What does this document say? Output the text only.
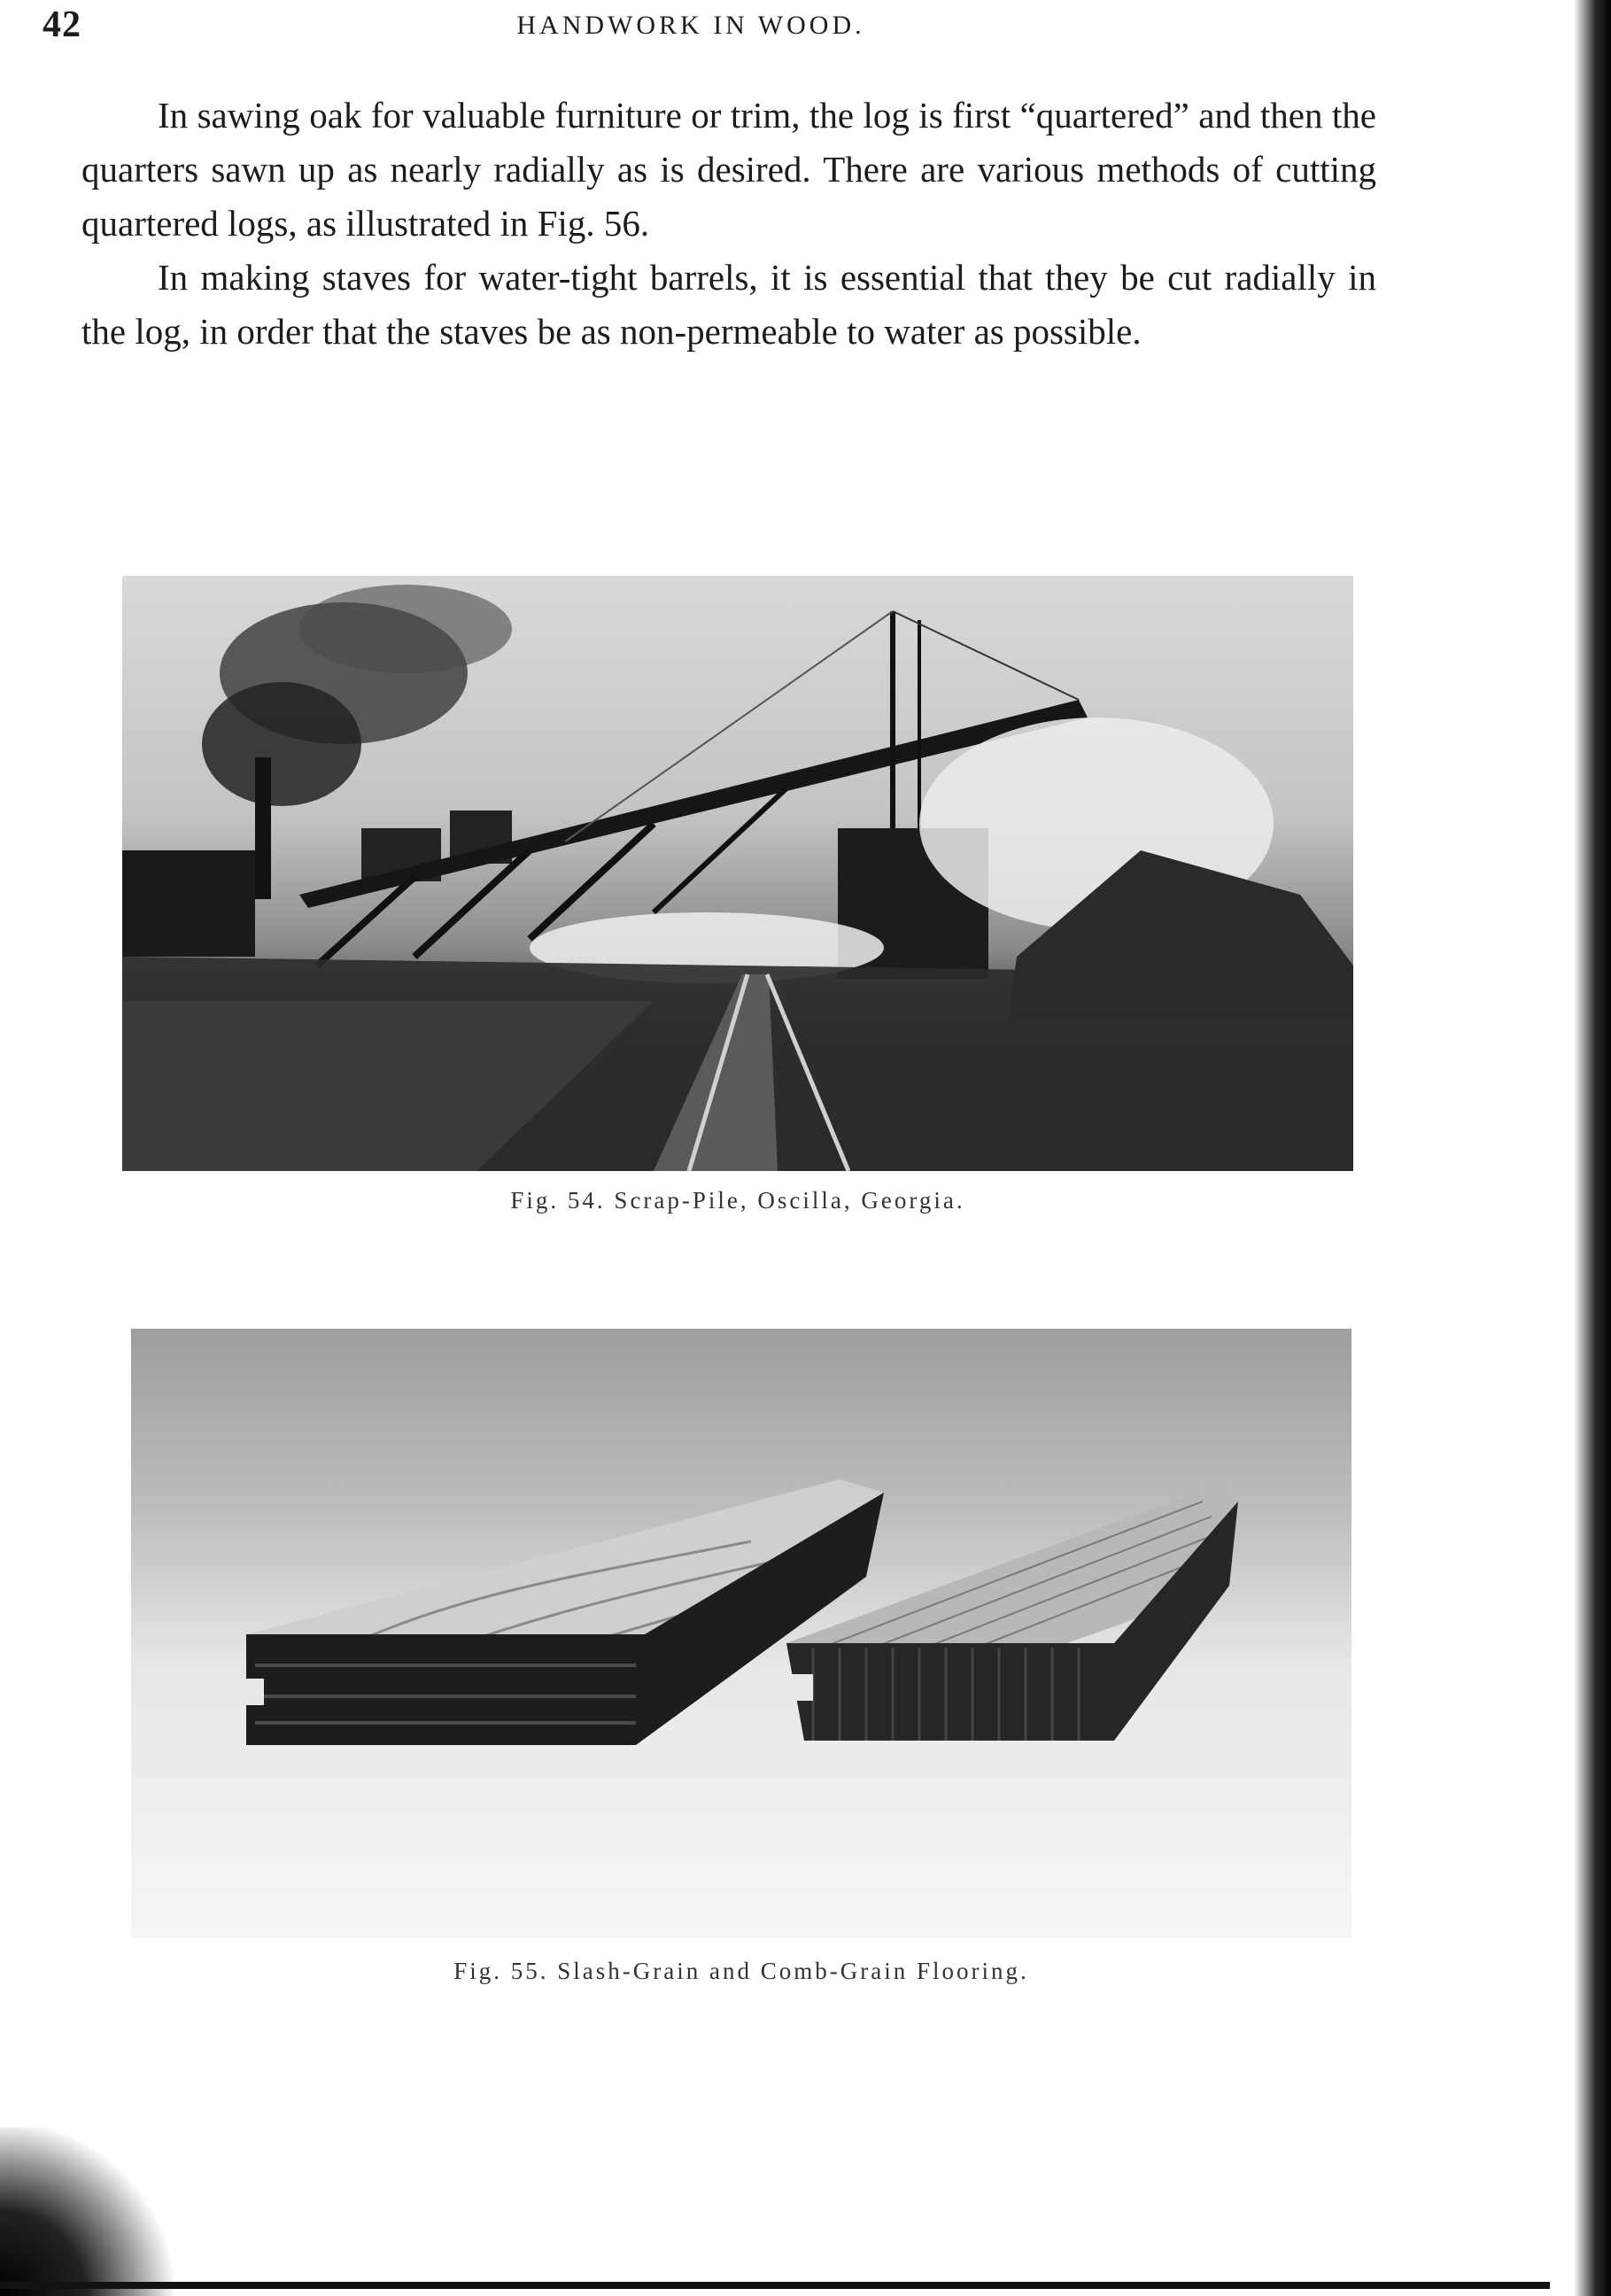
42	HANDWORK IN WOOD.

In sawing oak for valuable furniture or trim, the log is first “quartered” and then the quarters sawn up as nearly radially as is desired. There are various methods of cutting quartered logs, as illustrated in Fig. 56.

In making staves for water-tight barrels, it is essential that they be cut radially in the log, in order that the staves be as non-permeable to water as possible.

Fig. 54. Scrap-Pile, Oscilla, Georgia.
Fig. 55. Slash-Grain and Comb-Grain Flooring.
